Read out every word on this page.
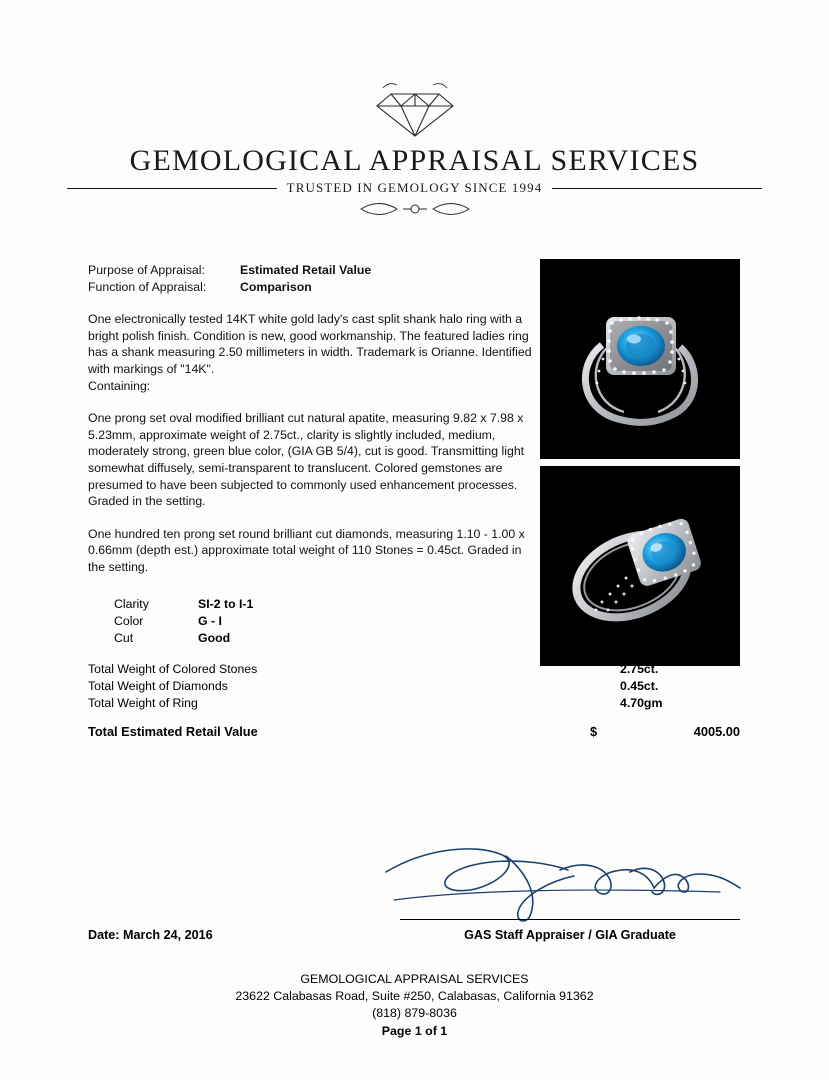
GEMOLOGICAL APPRAISAL SERVICES
TRUSTED IN GEMOLOGY SINCE 1994
Purpose of Appraisal:	Estimated Retail Value
Function of Appraisal:	Comparison
One electronically tested 14KT white gold lady's cast split shank halo ring with a bright polish finish. Condition is new, good workmanship. The featured ladies ring has a shank measuring 2.50 millimeters in width. Trademark is Orianne. Identified with markings of "14K".
Containing:
One prong set oval modified brilliant cut natural apatite, measuring 9.82 x 7.98 x 5.23mm, approximate weight of 2.75ct., clarity is slightly included, medium, moderately strong, green blue color, (GIA GB 5/4), cut is good. Transmitting light somewhat diffusely, semi-transparent to translucent. Colored gemstones are presumed to have been subjected to commonly used enhancement processes. Graded in the setting.
One hundred ten prong set round brilliant cut diamonds, measuring 1.10 - 1.00 x 0.66mm (depth est.) approximate total weight of 110 Stones = 0.45ct. Graded in the setting.
Clarity	SI-2 to I-1
Color	G - I
Cut	Good
Total Weight of Colored Stones	2.75ct.
Total Weight of Diamonds	0.45ct.
Total Weight of Ring	4.70gm
Total Estimated Retail Value	$	4005.00
GAS Staff Appraiser / GIA Graduate
Date: March 24, 2016
GEMOLOGICAL APPRAISAL SERVICES
23622 Calabasas Road, Suite #250, Calabasas, California 91362
(818) 879-8036
Page 1 of 1
